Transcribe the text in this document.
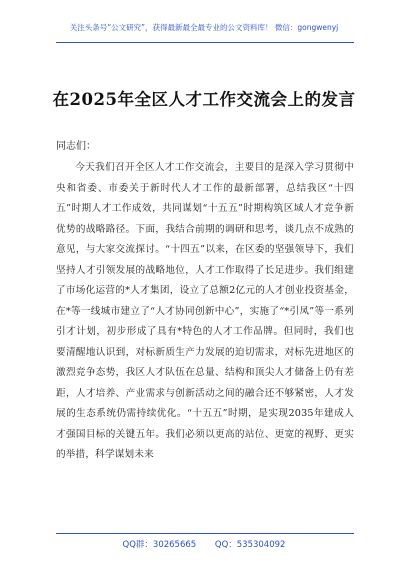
关注头条号“公文研究”，获得最新最全最专业的公文资料库！ 微信：gongwenyj
在2025年全区人才工作交流会上的发言
同志们：

今天我们召开全区人才工作交流会，主要目的是深入学习贯彻中央和省委、市委关于新时代人才工作的最新部署，总结我区“十四五”时期人才工作成效，共同谋划“十五五”时期构筑区域人才竞争新优势的战略路径。下面，我结合前期的调研和思考，谈几点不成熟的意见，与大家交流探讨。“十四五”以来，在区委的坚强领导下，我们坚持人才引领发展的战略地位，人才工作取得了长足进步。我们组建了市场化运营的*人才集团，设立了总额2亿元的人才创业投资基金，在*等一线城市建立了“人才协同创新中心”，实施了“*引凤”等一系列引才计划，初步形成了具有*特色的人才工作品牌。但同时，我们也要清醒地认识到，对标新质生产力发展的迫切需求，对标先进地区的激烈竞争态势，我区人才队伍在总量、结构和顶尖人才储备上仍有差距，人才培养、产业需求与创新活动之间的融合还不够紧密，人才发展的生态系统仍需持续优化。“十五五”时期，是实现2035年建成人才强国目标的关键五年。我们必须以更高的站位、更宽的视野、更实的举措，科学谋划未来

QQ群：30265665 QQ：535304092
